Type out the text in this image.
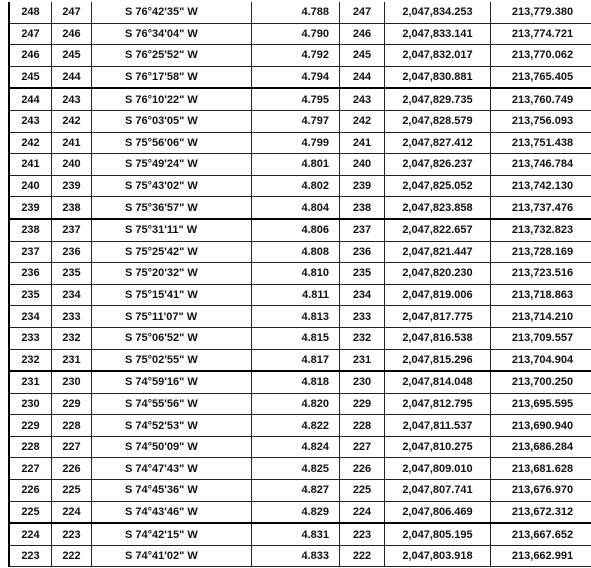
248	247	S 76°42'35" W	4.788	247	2,047,834.253	213,779.380
247	246	S 76°34'04" W	4.790	246	2,047,833.141	213,774.721
246	245	S 76°25'52" W	4.792	245	2,047,832.017	213,770.062
245	244	S 76°17'58" W	4.794	244	2,047,830.881	213,765.405
244	243	S 76°10'22" W	4.795	243	2,047,829.735	213,760.749
243	242	S 76°03'05" W	4.797	242	2,047,828.579	213,756.093
242	241	S 75°56'06" W	4.799	241	2,047,827.412	213,751.438
241	240	S 75°49'24" W	4.801	240	2,047,826.237	213,746.784
240	239	S 75°43'02" W	4.802	239	2,047,825.052	213,742.130
239	238	S 75°36'57" W	4.804	238	2,047,823.858	213,737.476
238	237	S 75°31'11" W	4.806	237	2,047,822.657	213,732.823
237	236	S 75°25'42" W	4.808	236	2,047,821.447	213,728.169
236	235	S 75°20'32" W	4.810	235	2,047,820.230	213,723.516
235	234	S 75°15'41" W	4.811	234	2,047,819.006	213,718.863
234	233	S 75°11'07" W	4.813	233	2,047,817.775	213,714.210
233	232	S 75°06'52" W	4.815	232	2,047,816.538	213,709.557
232	231	S 75°02'55" W	4.817	231	2,047,815.296	213,704.904
231	230	S 74°59'16" W	4.818	230	2,047,814.048	213,700.250
230	229	S 74°55'56" W	4.820	229	2,047,812.795	213,695.595
229	228	S 74°52'53" W	4.822	228	2,047,811.537	213,690.940
228	227	S 74°50'09" W	4.824	227	2,047,810.275	213,686.284
227	226	S 74°47'43" W	4.825	226	2,047,809.010	213,681.628
226	225	S 74°45'36" W	4.827	225	2,047,807.741	213,676.970
225	224	S 74°43'46" W	4.829	224	2,047,806.469	213,672.312
224	223	S 74°42'15" W	4.831	223	2,047,805.195	213,667.652
223	222	S 74°41'02" W	4.833	222	2,047,803.918	213,662.991
